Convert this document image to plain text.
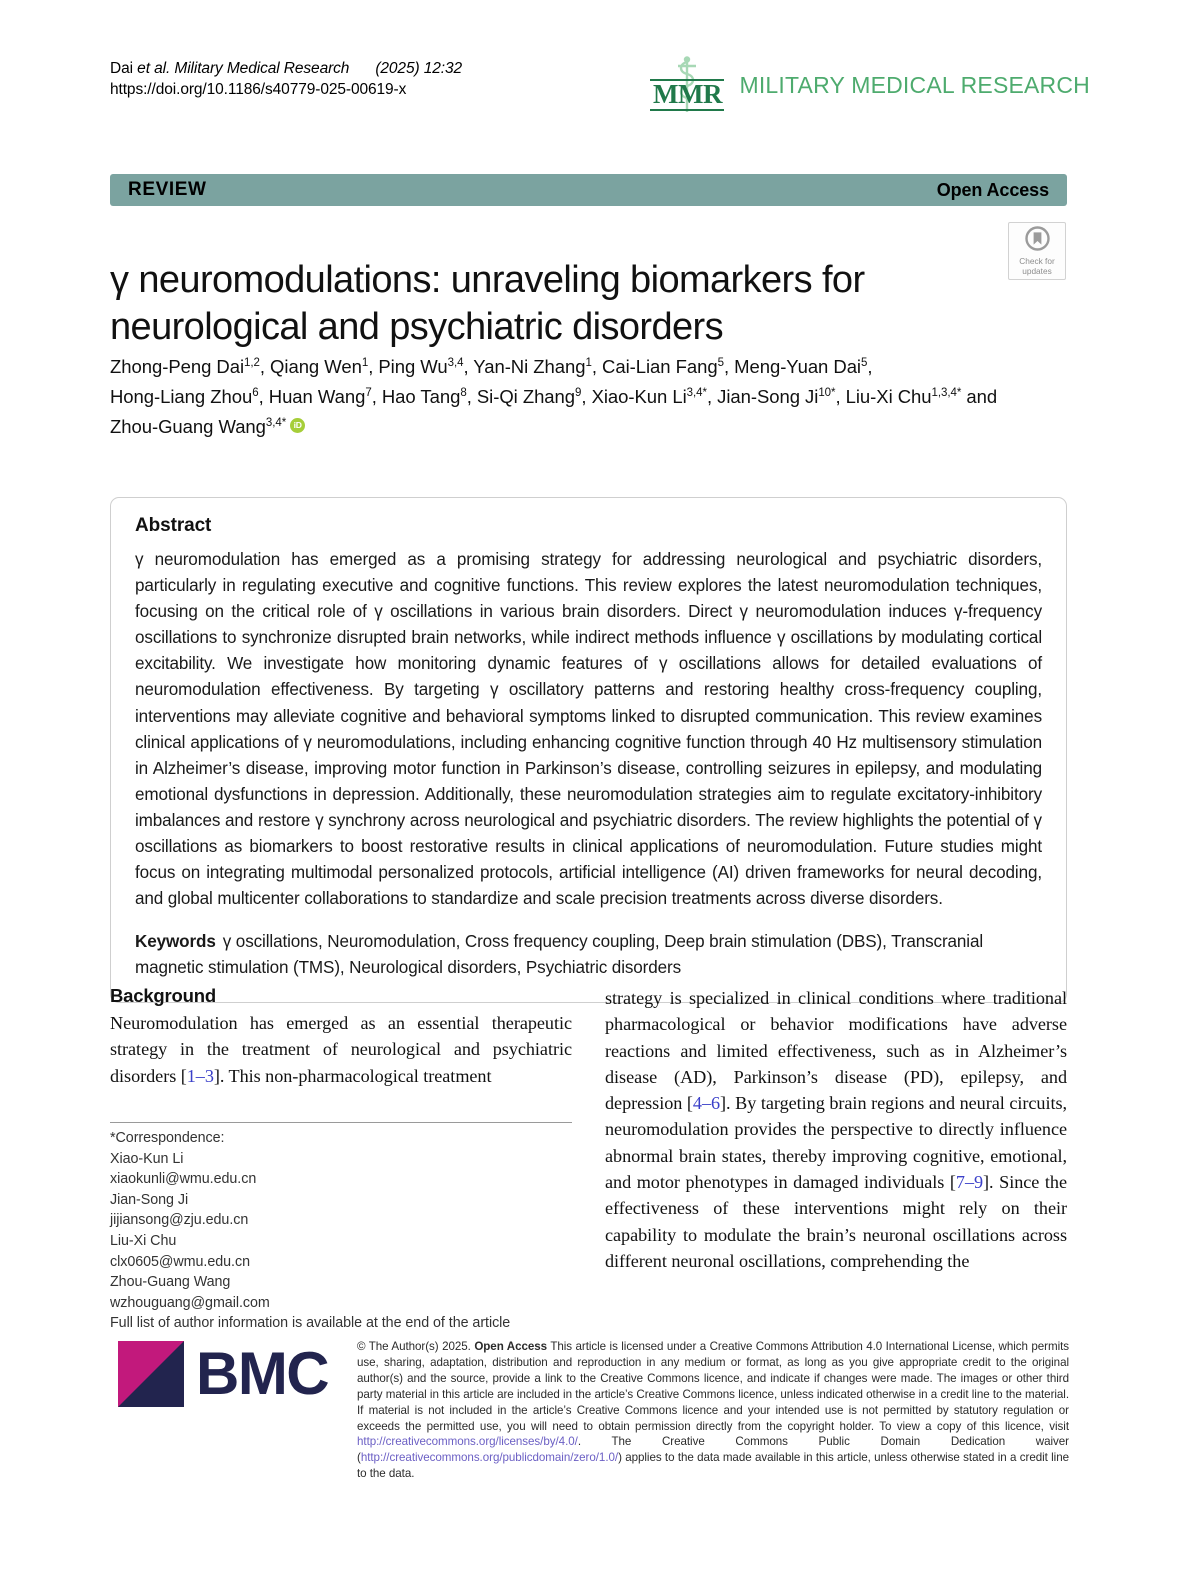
Dai et al. Military Medical Research (2025) 12:32
https://doi.org/10.1186/s40779-025-00619-x	MMR MILITARY MEDICAL RESEARCH
REVIEW	Open Access
Check for
updates
γ neuromodulations: unraveling biomarkers for neurological and psychiatric disorders
Zhong-Peng Dai$^{1,2}$, Qiang Wen$^1$, Ping Wu$^{3,4}$, Yan-Ni Zhang$^1$, Cai-Lian Fang$^5$, Meng-Yuan Dai$^5$,
Hong-Liang Zhou$^6$, Huan Wang$^7$, Hao Tang$^8$, Si-Qi Zhang$^9$, Xiao-Kun $Li^{3,4*}$, Jian-Song $Ji^{10*}$, Liu-Xi Chu$^{1,3,4*}$ and
Zhou-Guang Wang$^{3,4*}$ iD
Abstract
γ neuromodulation has emerged as a promising strategy for addressing neurological and psychiatric disorders, particularly in regulating executive and cognitive functions. This review explores the latest neuromodulation techniques, focusing on the critical role of γ oscillations in various brain disorders. Direct γ neuromodulation induces γ-frequency oscillations to synchronize disrupted brain networks, while indirect methods influence γ oscillations by modulating cortical excitability. We investigate how monitoring dynamic features of γ oscillations allows for detailed evaluations of neuromodulation effectiveness. By targeting γ oscillatory patterns and restoring healthy cross-frequency coupling, interventions may alleviate cognitive and behavioral symptoms linked to disrupted communication. This review examines clinical applications of γ neuromodulations, including enhancing cognitive function through 40 Hz multisensory stimulation in Alzheimer’s disease, improving motor function in Parkinson’s disease, controlling seizures in epilepsy, and modulating emotional dysfunctions in depression. Additionally, these neuromodulation strategies aim to regulate excitatory-inhibitory imbalances and restore γ synchrony across neurological and psychiatric disorders. The review highlights the potential of γ oscillations as biomarkers to boost restorative results in clinical applications of neuromodulation. Future studies might focus on integrating multimodal personalized protocols, artificial intelligence (AI) driven frameworks for neural decoding, and global multicenter collaborations to standardize and scale precision treatments across diverse disorders.
Keywords γ oscillations, Neuromodulation, Cross frequency coupling, Deep brain stimulation (DBS), Transcranial magnetic stimulation (TMS), Neurological disorders, Psychiatric disorders
Background

Neuromodulation has emerged as an essential therapeutic strategy in the treatment of neurological and psychiatric disorders [1–3]. This non-pharmacological treatment

strategy is specialized in clinical conditions where traditional pharmacological or behavior modifications have adverse reactions and limited effectiveness, such as in Alzheimer’s disease (AD), Parkinson’s disease (PD), epilepsy, and depression [4–6]. By targeting brain regions and neural circuits, neuromodulation provides the perspective to directly influence abnormal brain states, thereby improving cognitive, emotional, and motor phenotypes in damaged individuals [7–9]. Since the effectiveness of these interventions might rely on their capability to modulate the brain’s neuronal oscillations across different neuronal oscillations, comprehending the

*Correspondence:
Xiao-Kun Li
xiaokunli@wmu.edu.cn
Jian-Song Ji
jijiansong@zju.edu.cn
Liu-Xi Chu
clx0605@wmu.edu.cn
Zhou-Guang Wang
wzhouguang@gmail.com
Full list of author information is available at the end of the article
BMC © The Author(s) 2025. Open Access This article is licensed under a Creative Commons Attribution 4.0 International License, which permits use, sharing, adaptation, distribution and reproduction in any medium or format, as long as you give appropriate credit to the original author(s) and the source, provide a link to the Creative Commons licence, and indicate if changes were made. The images or other third party material in this article are included in the article’s Creative Commons licence, unless indicated otherwise in a credit line to the material. If material is not included in the article’s Creative Commons licence and your intended use is not permitted by statutory regulation or exceeds the permitted use, you will need to obtain permission directly from the copyright holder. To view a copy of this licence, visit http://creativecommons.org/licenses/by/4.0/. The Creative Commons Public Domain Dedication waiver (http://creativecommons.org/publicdomain/zero/1.0/) applies to the data made available in this article, unless otherwise stated in a credit line to the data.
